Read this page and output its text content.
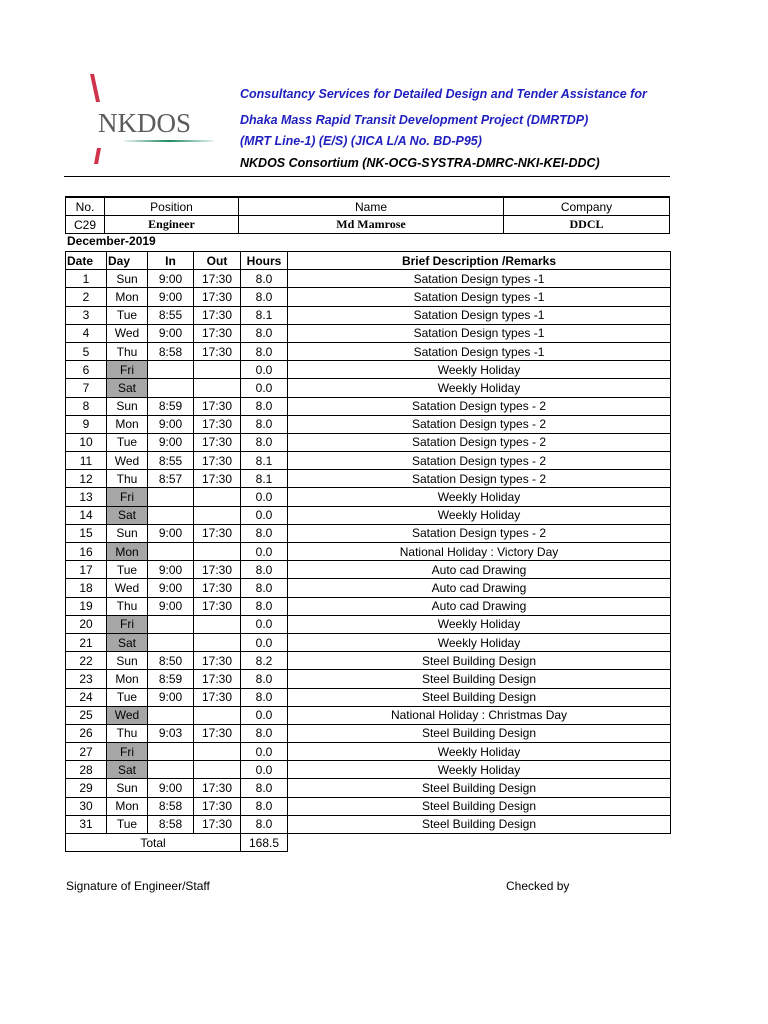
NKDOS
Consultancy Services for Detailed Design and Tender Assistance for
Dhaka Mass Rapid Transit Development Project (DMRTDP)
(MRT Line-1) (E/S) (JICA L/A No. BD-P95)
NKDOS Consortium (NK-OCG-SYSTRA-DMRC-NKI-KEI-DDC)
No.	Position	Name	Company
C29	Engineer	Md Mamrose	DDCL
December-2019
Date	Day	In	Out	Hours	Brief Description /Remarks
1	Sun	9:00	17:30	8.0	Satation Design types -1
2	Mon	9:00	17:30	8.0	Satation Design types -1
3	Tue	8:55	17:30	8.1	Satation Design types -1
4	Wed	9:00	17:30	8.0	Satation Design types -1
5	Thu	8:58	17:30	8.0	Satation Design types -1
6	Fri			0.0	Weekly Holiday
7	Sat			0.0	Weekly Holiday
8	Sun	8:59	17:30	8.0	Satation Design types - 2
9	Mon	9:00	17:30	8.0	Satation Design types - 2
10	Tue	9:00	17:30	8.0	Satation Design types - 2
11	Wed	8:55	17:30	8.1	Satation Design types - 2
12	Thu	8:57	17:30	8.1	Satation Design types - 2
13	Fri			0.0	Weekly Holiday
14	Sat			0.0	Weekly Holiday
15	Sun	9:00	17:30	8.0	Satation Design types - 2
16	Mon			0.0	National Holiday : Victory Day
17	Tue	9:00	17:30	8.0	Auto cad Drawing
18	Wed	9:00	17:30	8.0	Auto cad Drawing
19	Thu	9:00	17:30	8.0	Auto cad Drawing
20	Fri			0.0	Weekly Holiday
21	Sat			0.0	Weekly Holiday
22	Sun	8:50	17:30	8.2	Steel Building Design
23	Mon	8:59	17:30	8.0	Steel Building Design
24	Tue	9:00	17:30	8.0	Steel Building Design
25	Wed			0.0	National Holiday : Christmas Day
26	Thu	9:03	17:30	8.0	Steel Building Design
27	Fri			0.0	Weekly Holiday
28	Sat			0.0	Weekly Holiday
29	Sun	9:00	17:30	8.0	Steel Building Design
30	Mon	8:58	17:30	8.0	Steel Building Design
31	Tue	8:58	17:30	8.0	Steel Building Design
Total				168.5	
Signature of Engineer/Staff	Checked by
